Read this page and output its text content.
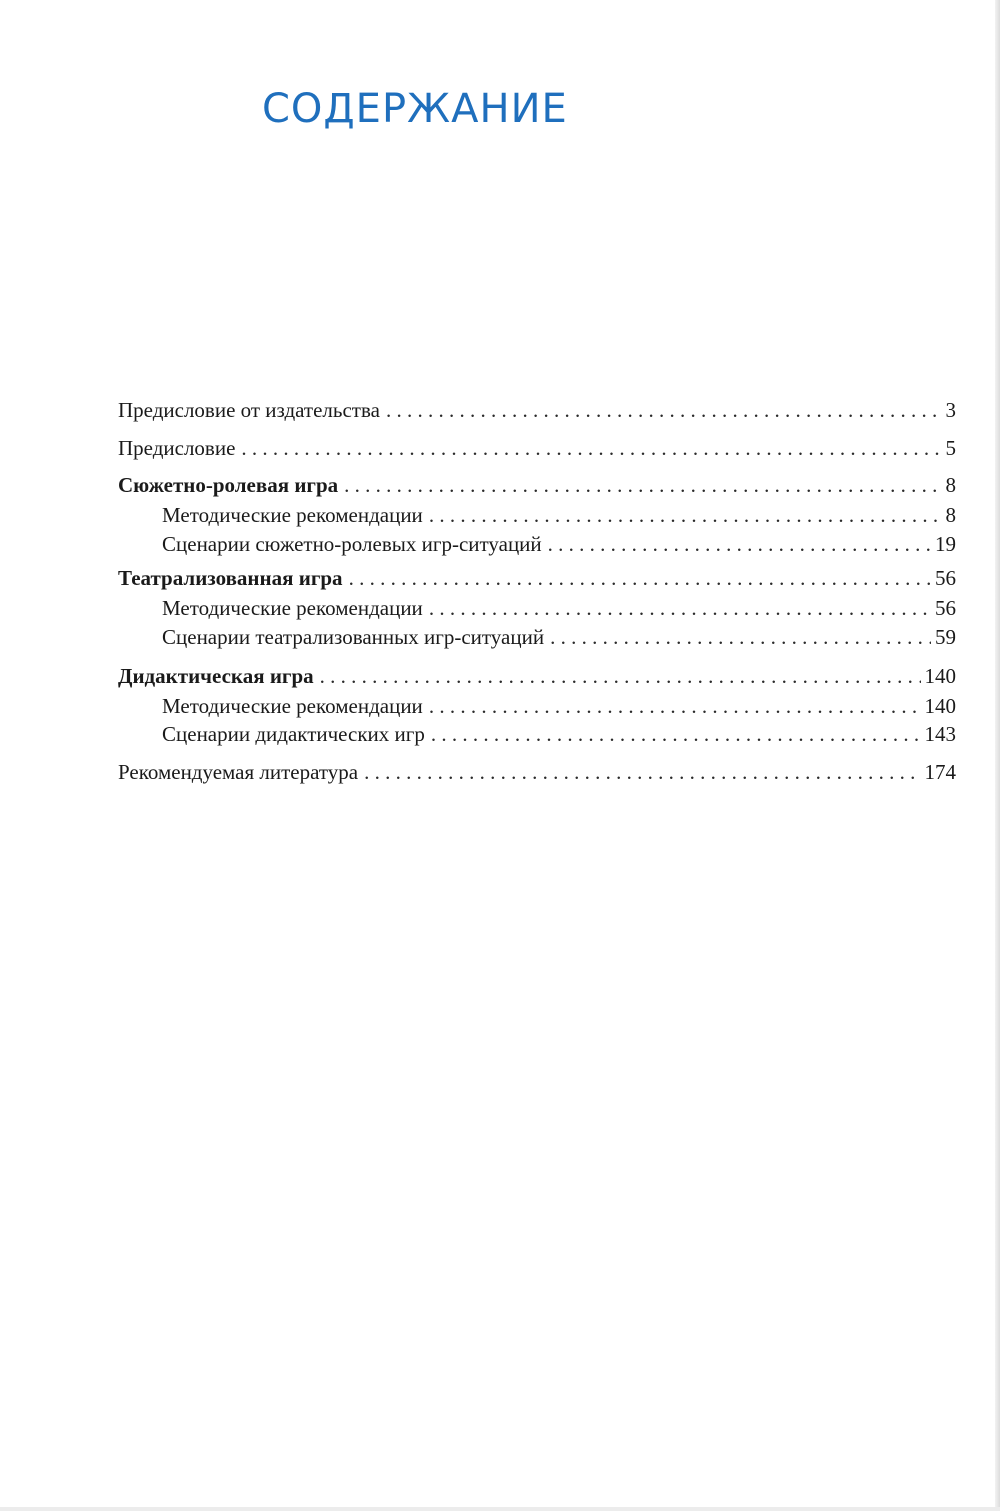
СОДЕРЖАНИЕ
Предисловие от издательства . . .	3
Предисловие . . .	5
Сюжетно-ролевая игра . . .	8
Методические рекомендации . . .	8
Сценарии сюжетно-ролевых игр-ситуаций . . .	19
Театрализованная игра . . .	56
Методические рекомендации . . .	56
Сценарии театрализованных игр-ситуаций . . .	59
Дидактическая игра . . .	140
Методические рекомендации . . .	140
Сценарии дидактических игр . . .	143
Рекомендуемая литература . . .	174
